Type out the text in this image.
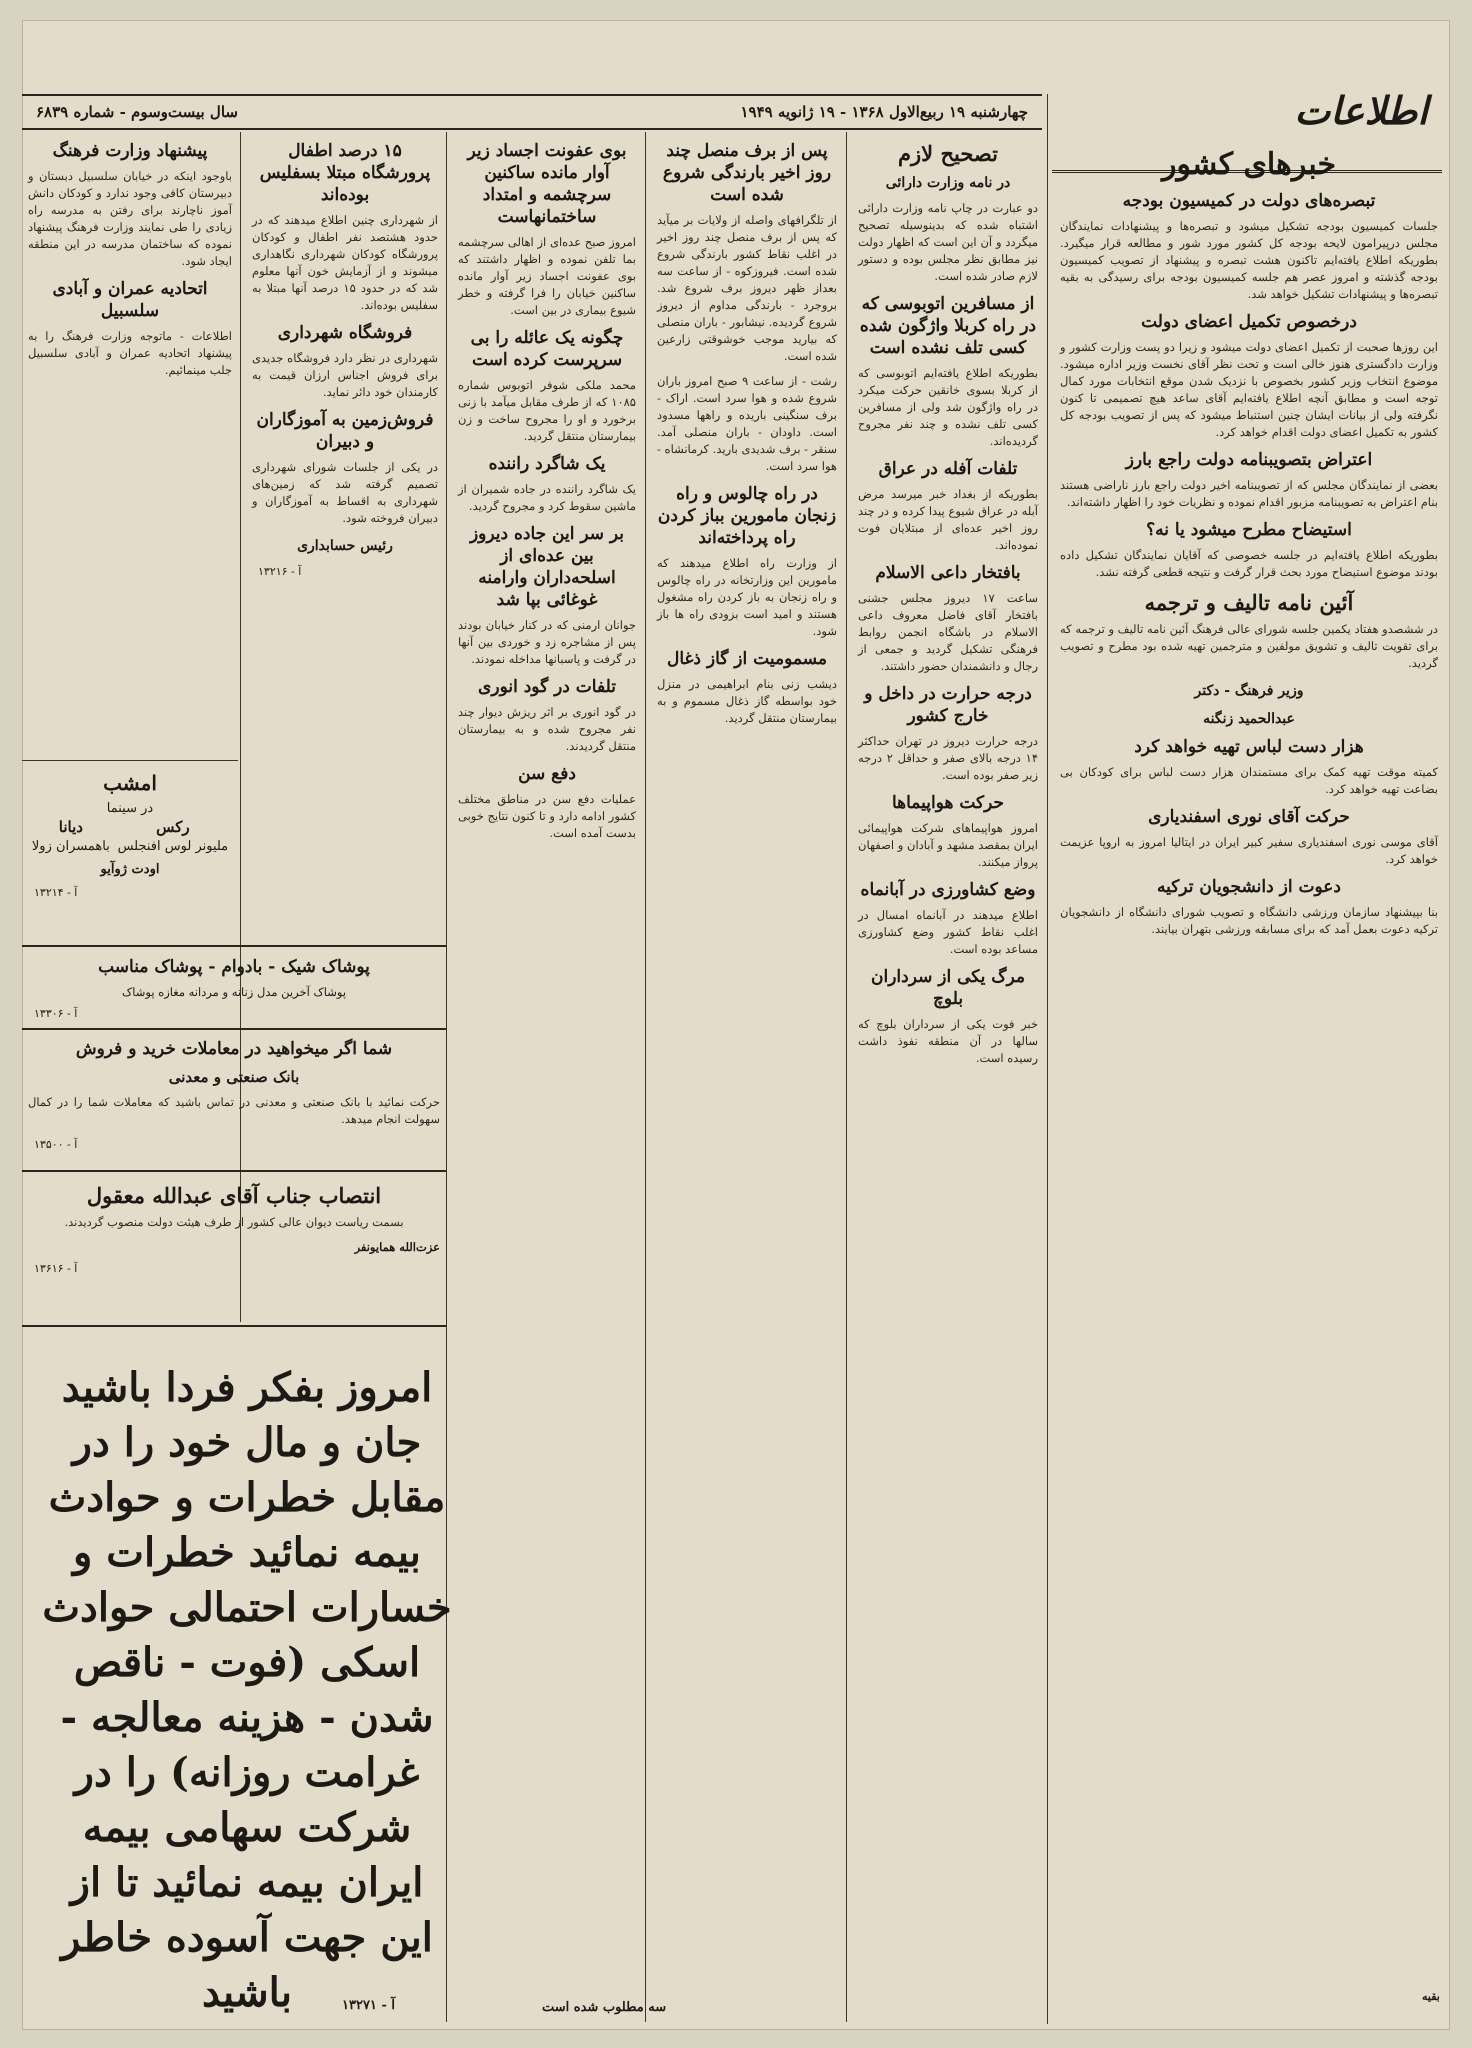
چهارشنبه ۱۹ ربیع‌الاول ۱۳۶۸ - ۱۹ ژانویه ۱۹۴۹
سال بیست‌وسوم - شماره ۶۸۳۹	اطلاعات
خبرهای کشور
تبصره‌های دولت در کمیسیون بودجه

جلسات کمیسیون بودجه تشکیل میشود و تبصره‌ها و پیشنهادات نمایندگان مجلس درپیرامون لایحه بودجه کل کشور مورد شور و مطالعه قرار میگیرد. بطوریکه اطلاع یافته‌ایم تاکنون هشت تبصره و پیشنهاد از تصویب کمیسیون بودجه گذشته و امروز عصر هم جلسه کمیسیون بودجه برای رسیدگی به بقیه تبصره‌ها و پیشنهادات تشکیل خواهد شد.

درخصوص تکمیل اعضای دولت

این روزها صحبت از تکمیل اعضای دولت میشود و زیرا دو پست وزارت کشور و وزارت دادگستری هنوز خالی است و تحت نظر آقای نخست وزیر اداره میشود. موضوع انتخاب وزیر کشور بخصوص با نزدیک شدن موقع انتخابات مورد کمال توجه است و مطابق آنچه اطلاع یافته‌ایم آقای ساعد هیچ تصمیمی تا کنون نگرفته ولی از بیانات ایشان چنین استنباط میشود که پس از تصویب بودجه کل کشور به تکمیل اعضای دولت اقدام خواهد کرد.

اعتراض بتصویبنامه دولت راجع بارز

بعضی از نمایندگان مجلس که از تصویبنامه اخیر دولت راجع بارز ناراضی هستند بنام اعتراض به تصویبنامه مزبور اقدام نموده و نظریات خود را اظهار داشته‌اند.

استیضاح مطرح میشود یا نه؟

بطوریکه اطلاع یافته‌ایم در جلسه خصوصی که آقایان نمایندگان تشکیل داده بودند موضوع استیضاح مورد بحث قرار گرفت و نتیجه قطعی گرفته نشد.

آئین نامه تالیف و ترجمه

در ششصدو هفتاد یکمین جلسه شورای عالی فرهنگ آئین نامه تالیف و ترجمه که برای تقویت تالیف و تشویق مولفین و مترجمین تهیه شده بود مطرح و تصویب گردید.

وزیر فرهنگ - دکتر
عبدالحمید زنگنه
هزار دست لباس تهیه خواهد کرد

کمیته موقت تهیه کمک برای مستمندان هزار دست لباس برای کودکان بی بضاعت تهیه خواهد کرد.

حرکت آقای نوری اسفندیاری

آقای موسی نوری اسفندیاری سفیر کبیر ایران در ایتالیا امروز به اروپا عزیمت خواهد کرد.

دعوت از دانشجویان ترکیه

بنا بپیشنهاد سازمان ورزشی دانشگاه و تصویب شورای دانشگاه از دانشجویان ترکیه دعوت بعمل آمد که برای مسابقه ورزشی بتهران بیایند.

تصحیح لازم
در نامه وزارت دارائی

دو عبارت در چاپ نامه وزارت دارائی اشتباه شده که بدینوسیله تصحیح میگردد و آن این است که اظهار دولت نیز مطابق نظر مجلس بوده و دستور لازم صادر شده است.

از مسافرین اتوبوسی که در راه کربلا واژگون شده کسی تلف نشده است

بطوریکه اطلاع یافته‌ایم اتوبوسی که از کربلا بسوی خانقین حرکت میکرد در راه واژگون شد ولی از مسافرین کسی تلف نشده و چند نفر مجروح گردیده‌اند.

تلفات آفله در عراق

بطوریکه از بغداد خبر میرسد مرض آبله در عراق شیوع پیدا کرده و در چند روز اخیر عده‌ای از مبتلایان فوت نموده‌اند.

بافتخار داعی الاسلام

ساعت ۱۷ دیروز مجلس جشنی بافتخار آقای فاضل معروف داعی الاسلام در باشگاه انجمن روابط فرهنگی تشکیل گردید و جمعی از رجال و دانشمندان حضور داشتند.

درجه حرارت در داخل و خارج کشور

درجه حرارت دیروز در تهران حداکثر ۱۴ درجه بالای صفر و حداقل ۲ درجه زیر صفر بوده است.

حرکت هواپیماها

امروز هواپیماهای شرکت هواپیمائی ایران بمقصد مشهد و آبادان و اصفهان پرواز میکنند.

وضع کشاورزی در آبانماه

اطلاع میدهند در آبانماه امسال در اغلب نقاط کشور وضع کشاورزی مساعد بوده است.

مرگ یکی از سرداران بلوچ

خبر فوت یکی از سرداران بلوچ که سالها در آن منطقه نفوذ داشت رسیده است.

پس از برف منصل چند روز اخیر بارندگی شروع شده است

از تلگرافهای واصله از ولایات بر میآید که پس از برف منصل چند روز اخیر در اغلب نقاط کشور بارندگی شروع شده است. فیروزکوه - از ساعت سه بعداز ظهر دیروز برف شروع شد. بروجرد - بارندگی مداوم از دیروز شروع گردیده. نیشابور - باران منصلی که بیارید موجب خوشوقتی زارعین شده است.

رشت - از ساعت ۹ صبح امروز باران شروع شده و هوا سرد است. اراک - برف سنگینی باریده و راهها مسدود است. داودان - باران منصلی آمد. سنقر - برف شدیدی بارید. کرمانشاه - هوا سرد است.

در راه چالوس و راه زنجان مامورین بباز کردن راه پرداخته‌اند

از وزارت راه اطلاع میدهند که مامورین این وزارتخانه در راه چالوس و راه زنجان به باز کردن راه مشغول هستند و امید است بزودی راه ها باز شود.

مسمومیت از گاز ذغال

دیشب زنی بنام ابراهیمی در منزل خود بواسطه گاز ذغال مسموم و به بیمارستان منتقل گردید.

بوی عفونت اجساد زیر آوار مانده ساکنین سرچشمه و امتداد ساختمانهاست

امروز صبح عده‌ای از اهالی سرچشمه بما تلفن نموده و اظهار داشتند که بوی عفونت اجساد زیر آوار مانده ساکنین خیابان را فرا گرفته و خطر شیوع بیماری در بین است.

چگونه یک عائله را بی سرپرست کرده است

محمد ملکی شوفر اتوبوس شماره ۱۰۸۵ که از طرف مقابل میآمد با زنی برخورد و او را مجروح ساخت و زن بیمارستان منتقل گردید.

یک شاگرد راننده

یک شاگرد راننده در جاده شمیران از ماشین سقوط کرد و مجروح گردید.

بر سر این جاده دیروز بین عده‌ای از اسلحه‌داران وارامنه غوغائی بپا شد

جوانان ارمنی که در کنار خیابان بودند پس از مشاجره زد و خوردی بین آنها در گرفت و پاسبانها مداخله نمودند.

تلفات در گود انوری

در گود انوری بر اثر ریزش دیوار چند نفر مجروح شده و به بیمارستان منتقل گردیدند.

دفع سن

عملیات دفع سن در مناطق مختلف کشور ادامه دارد و تا کنون نتایج خوبی بدست آمده است.

سه مطلوب شده است
۱۵ درصد اطفال پرورشگاه مبتلا بسفلیس بوده‌اند

از شهرداری چنین اطلاع میدهند که در حدود هشتصد نفر اطفال و کودکان پرورشگاه کودکان شهرداری نگاهداری میشوند و از آزمایش خون آنها معلوم شد که در حدود ۱۵ درصد آنها مبتلا به سفلیس بوده‌اند.

فروشگاه شهرداری

شهرداری در نظر دارد فروشگاه جدیدی برای فروش اجناس ارزان قیمت به کارمندان خود دائر نماید.

فروش‌زمین به آموزگاران و دبیران

در یکی از جلسات شورای شهرداری تصمیم گرفته شد که زمین‌های شهرداری به اقساط به آموزگاران و دبیران فروخته شود.

رئیس حسابداری
آ - ۱۳۲۱۶
پیشنهاد وزارت فرهنگ

باوجود اینکه در خیابان سلسبیل دبستان و دبیرستان کافی وجود ندارد و کودکان دانش آموز ناچارند برای رفتن به مدرسه راه زیادی را طی نمایند وزارت فرهنگ پیشنهاد نموده که ساختمان مدرسه در این منطقه ایجاد شود.

اتحادیه عمران و آبادی سلسبیل

اطلاعات - ماتوجه وزارت فرهنگ را به پیشنهاد اتحادیه عمران و آبادی سلسبیل جلب مینمائیم.

امشب
در سینما
رکس
ملیونر لوس افنجلس
دیانا
باهمسران زولا
اودت ژوآیو
آ - ۱۳۲۱۴
پوشاک شیک - بادوام - پوشاک مناسب
پوشاک آخرین مدل زنانه و مردانه مغازه پوشاک
آ - ۱۳۳۰۶
شما اگر میخواهید در معاملات خرید و فروش
بانک صنعتی و معدنی

حرکت نمائید با بانک صنعتی و معدنی در تماس باشید که معاملات شما را در کمال سهولت انجام میدهد.

آ - ۱۳۵۰۰
انتصاب جناب آقای عبدالله معقول

بسمت ریاست دیوان عالی کشور از طرف هیئت دولت منصوب گردیدند.

عزت‌الله همایونفر
آ - ۱۳۶۱۶
امروز بفکر فردا باشید جان و مال خود را در مقابل خطرات و حوادث بیمه نمائید خطرات و خسارات احتمالی حوادث اسکی (فوت - ناقص شدن - هزینه معالجه - غرامت روزانه) را در شرکت سهامی بیمه ایران بیمه نمائید تا از این جهت آسوده خاطر باشید	آ - ۱۳۲۷۱
بقیه
